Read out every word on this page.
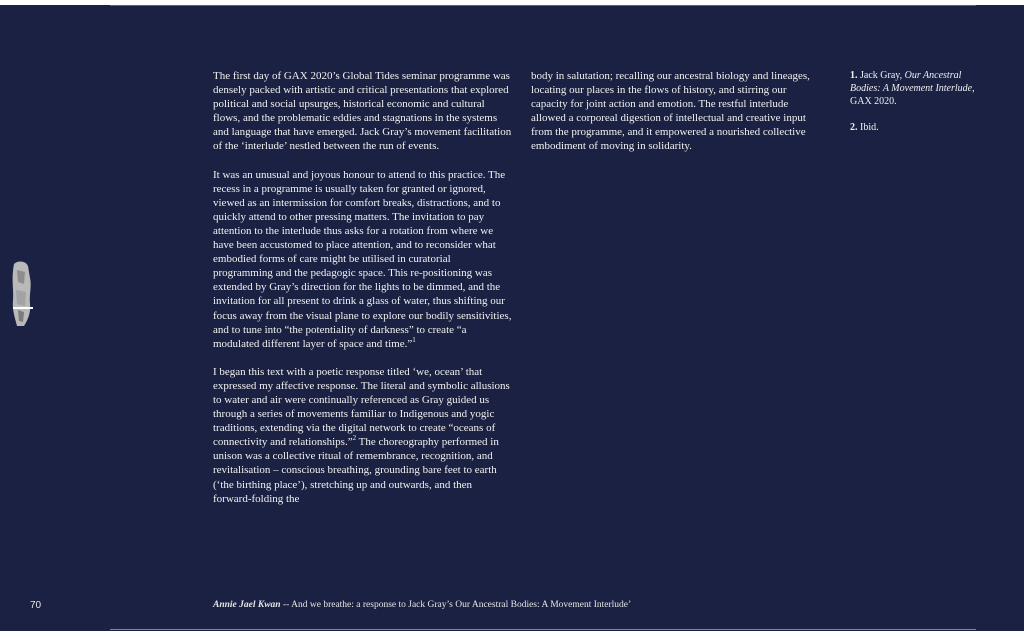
The first day of GAX 2020’s Global Tides seminar programme was densely packed with artistic and critical presentations that explored political and social upsurges, historical economic and cultural flows, and the problematic eddies and stagnations in the systems and language that have emerged. Jack Gray’s movement facilitation of the ‘interlude’ nestled between the run of events.

It was an unusual and joyous honour to attend to this practice. The recess in a programme is usually taken for granted or ignored, viewed as an intermission for comfort breaks, distractions, and to quickly attend to other pressing matters. The invitation to pay attention to the interlude thus asks for a rotation from where we have been accustomed to place attention, and to reconsider what embodied forms of care might be utilised in curatorial programming and the pedagogic space. This re-positioning was extended by Gray’s direction for the lights to be dimmed, and the invitation for all present to drink a glass of water, thus shifting our focus away from the visual plane to explore our bodily sensitivities, and to tune into “the potentiality of darkness” to create “a modulated different layer of space and time.”$^1$

I began this text with a poetic response titled ‘we, ocean’ that expressed my affective response. The literal and symbolic allusions to water and air were continually referenced as Gray guided us through a series of movements familiar to Indigenous and yogic traditions, extending via the digital network to create “oceans of connectivity and relationships.”$^2$ The choreography performed in unison was a collective ritual of remembrance, recognition, and revitalisation – conscious breathing, grounding bare feet to earth (‘the birthing place’), stretching up and outwards, and then forward-folding the

body in salutation; recalling our ancestral biology and lineages, locating our places in the flows of history, and stirring our capacity for joint action and emotion. The restful interlude allowed a corporeal digestion of intellectual and creative input from the programme, and it empowered a nourished collective embodiment of moving in solidarity.

1. Jack Gray, Our Ancestral Bodies: A Movement Interlude, GAX 2020.

2. Ibid.

70	Annie Jael Kwan -- And we breathe: a response to Jack Gray’s Our Ancestral Bodies: A Movement Interlude’
